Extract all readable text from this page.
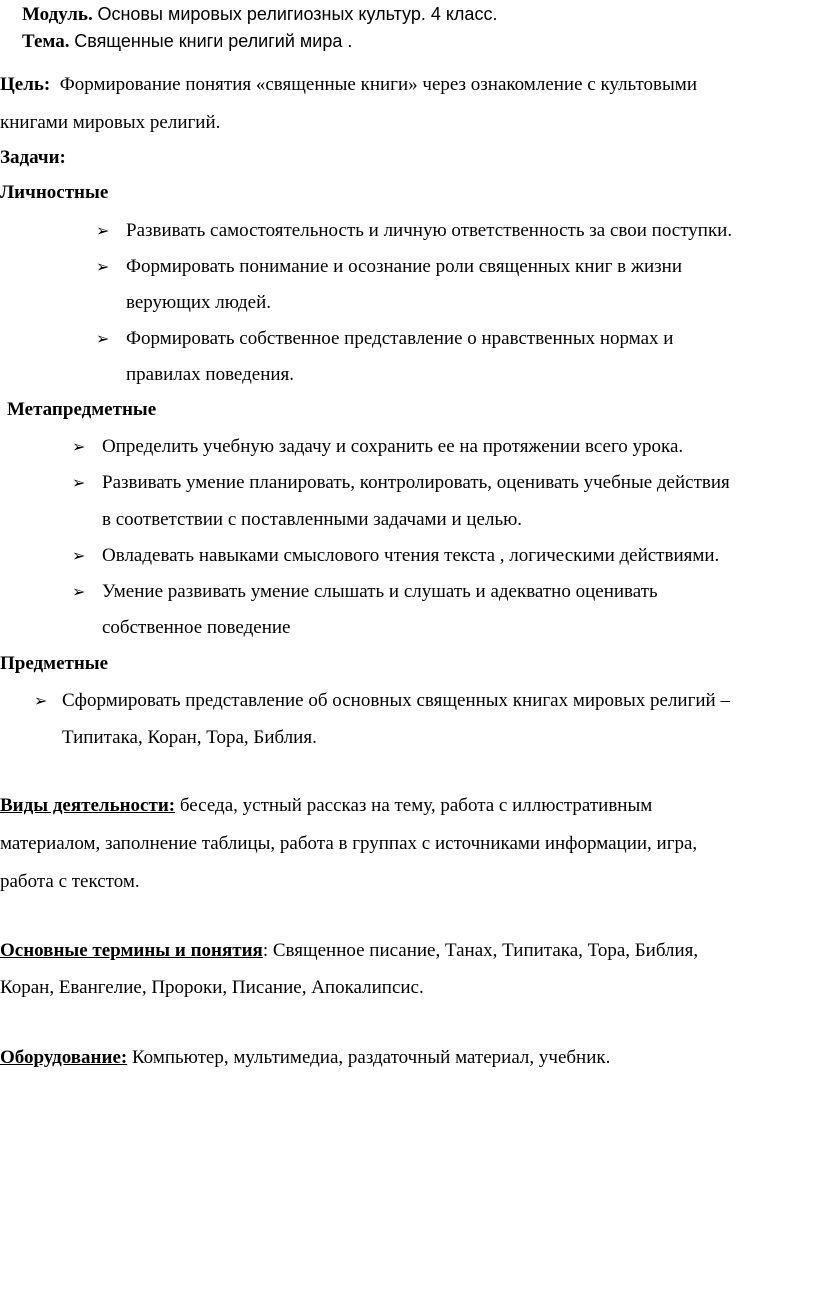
Модуль. Основы мировых религиозных культур. 4 класс.
Тема. Священные книги религий мира .
Цель: Формирование понятия «священные книги» через ознакомление с культовыми
книгами мировых религий.
Задачи:
Личностные
➢ Развивать самостоятельность и личную ответственность за свои поступки.
➢ Формировать понимание и осознание роли священных книг в жизни
верующих людей.
➢ Формировать собственное представление о нравственных нормах и
правилах поведения.
Метапредметные
➢ Определить учебную задачу и сохранить ее на протяжении всего урока.
➢ Развивать умение планировать, контролировать, оценивать учебные действия
в соответствии с поставленными задачами и целью.
➢ Овладевать навыками смыслового чтения текста , логическими действиями.
➢ Умение развивать умение слышать и слушать и адекватно оценивать
собственное поведение
Предметные
➢ Сформировать представление об основных священных книгах мировых религий –
Типитака, Коран, Тора, Библия.
Виды деятельности: беседа, устный рассказ на тему, работа с иллюстративным
материалом, заполнение таблицы, работа в группах с источниками информации, игра,
работа с текстом.
Основные термины и понятия: Священное писание, Танах, Типитака, Тора, Библия,
Коран, Евангелие, Пророки, Писание, Апокалипсис.
Оборудование: Компьютер, мультимедиа, раздаточный материал, учебник.
